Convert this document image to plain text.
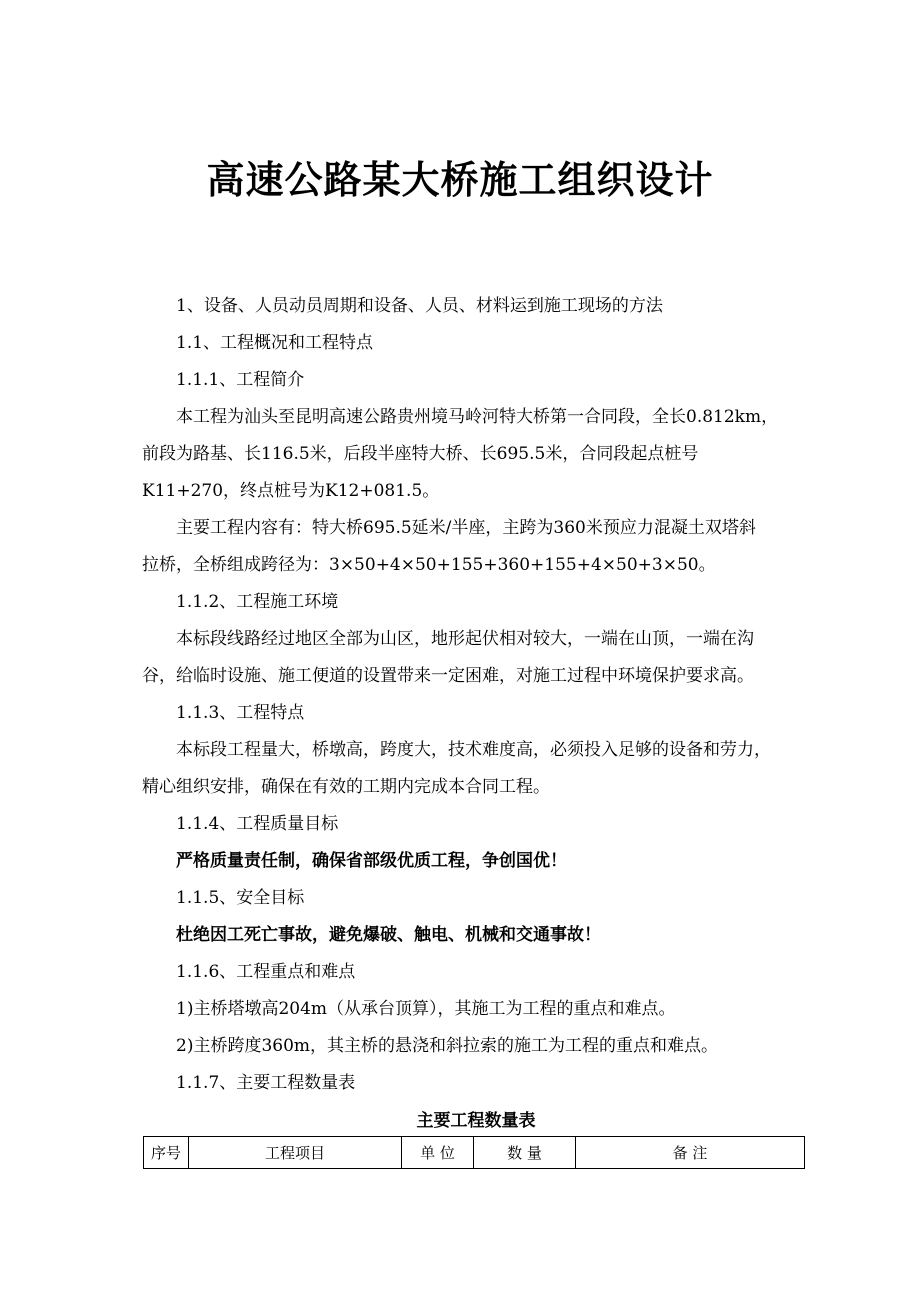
高速公路某大桥施工组织设计
1、设备、人员动员周期和设备、人员、材料运到施工现场的方法
1.1、工程概况和工程特点
1.1.1、工程简介
本工程为汕头至昆明高速公路贵州境马岭河特大桥第一合同段，全长0.812km，
前段为路基、长116.5米，后段半座特大桥、长695.5米，合同段起点桩号
K11+270，终点桩号为K12+081.5。
主要工程内容有：特大桥695.5延米/半座，主跨为360米预应力混凝土双塔斜
拉桥，全桥组成跨径为：3×50+4×50+155+360+155+4×50+3×50。
1.1.2、工程施工环境
本标段线路经过地区全部为山区，地形起伏相对较大，一端在山顶，一端在沟
谷，给临时设施、施工便道的设置带来一定困难，对施工过程中环境保护要求高。
1.1.3、工程特点
本标段工程量大，桥墩高，跨度大，技术难度高，必须投入足够的设备和劳力，
精心组织安排，确保在有效的工期内完成本合同工程。
1.1.4、工程质量目标
严格质量责任制，确保省部级优质工程，争创国优！
1.1.5、安全目标
杜绝因工死亡事故，避免爆破、触电、机械和交通事故！
1.1.6、工程重点和难点
1)主桥塔墩高204m（从承台顶算），其施工为工程的重点和难点。
2)主桥跨度360m，其主桥的悬浇和斜拉索的施工为工程的重点和难点。
1.1.7、主要工程数量表
主要工程数量表
序号	工程项目	单 位	数 量	备 注
